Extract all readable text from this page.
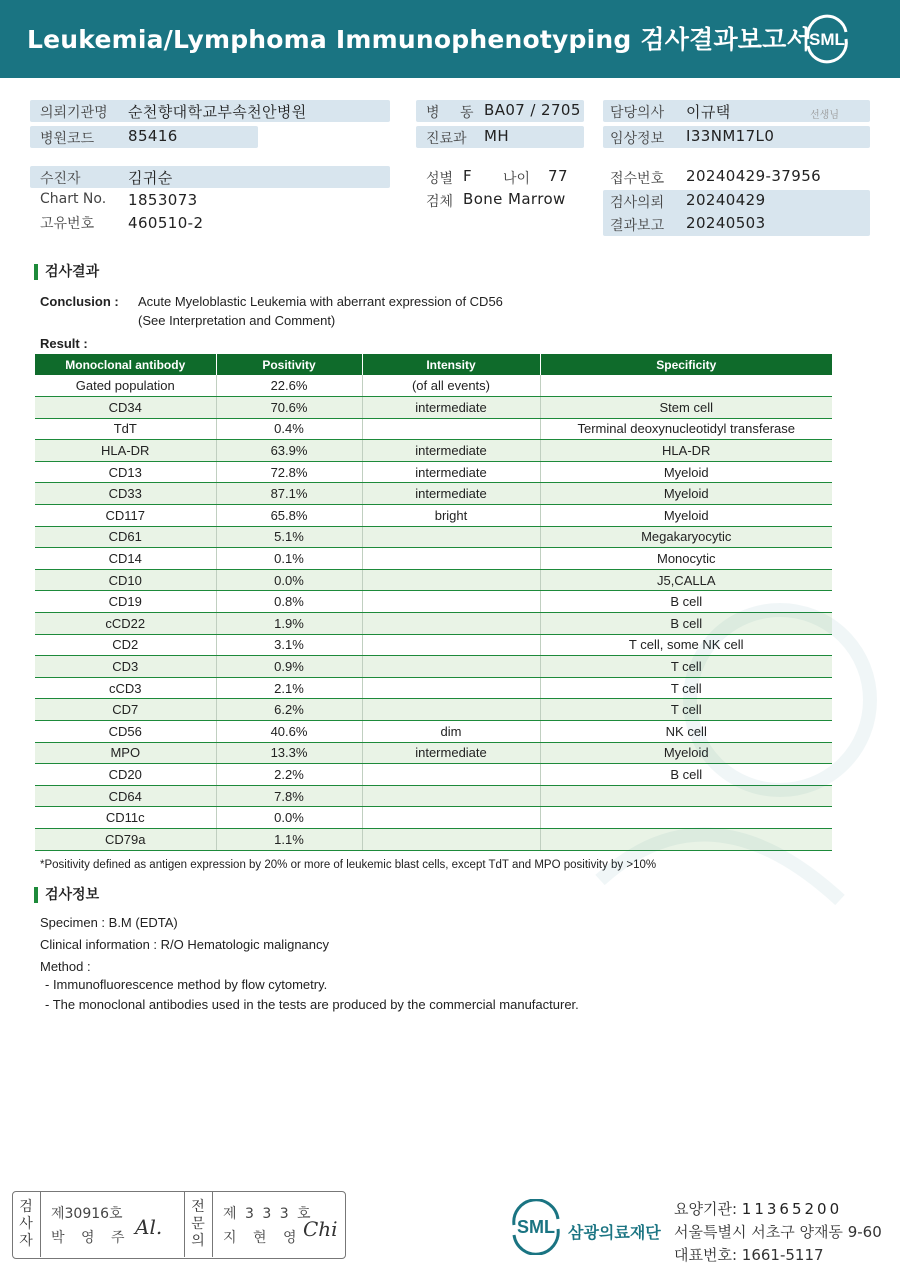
Leukemia/Lymphoma Immunophenotyping 검사결과보고서
SML
의뢰기관명 순천향대학교부속천안병원	병 동 BA07 / 2705 담당의사 이규택	선생님
병원코드 85416	진료과 MH	임상정보 I33NM17L0
수진자	김귀순	성별 F 나이 77	접수번호 20240429-37956
Chart No. 1853073	검체 Bone Marrow	검사의뢰 20240429
고유번호 460510-2	결과보고 20240503
검사결과
Conclusion : Acute Myeloblastic Leukemia with aberrant expression of CD56
(See Interpretation and Comment)
Result :
Monoclonal antibody	Positivity	Intensity	Specificity
Gated population	22.6%	(of all events)	
CD34	70.6%	intermediate	Stem cell
TdT	0.4%		Terminal deoxynucleotidyl transferase
HLA-DR	63.9%	intermediate	HLA-DR
CD13	72.8%	intermediate	Myeloid
CD33	87.1%	intermediate	Myeloid
CD117	65.8%	bright	Myeloid
CD61	5.1%		Megakaryocytic
CD14	0.1%		Monocytic
CD10	0.0%		J5,CALLA
CD19	0.8%		B cell
cCD22	1.9%		B cell
CD2	3.1%		T cell, some NK cell
CD3	0.9%		T cell
cCD3	2.1%		T cell
CD7	6.2%		T cell
CD56	40.6%	dim	NK cell
MPO	13.3%	intermediate	Myeloid
CD20	2.2%		B cell
CD64	7.8%		
CD11c	0.0%		
CD79a	1.1%		
*Positivity defined as antigen expression by 20% or more of leukemic blast cells, except TdT and MPO positivity by >10%
검사정보
Specimen : B.M (EDTA)
Clinical information : R/O Hematologic malignancy
Method :
- Immunofluorescence method by flow cytometry.
- The monoclonal antibodies used in the tests are produced by the commercial manufacturer.
검
사
자
제30916호
박 영 주 Al.
전
문
의
제 3 3 3 호
지 현 영 Chi	SML 삼광의료재단
요양기관: 11365200
서울특별시 서초구 양재동 9-60
대표번호: 1661-5117
